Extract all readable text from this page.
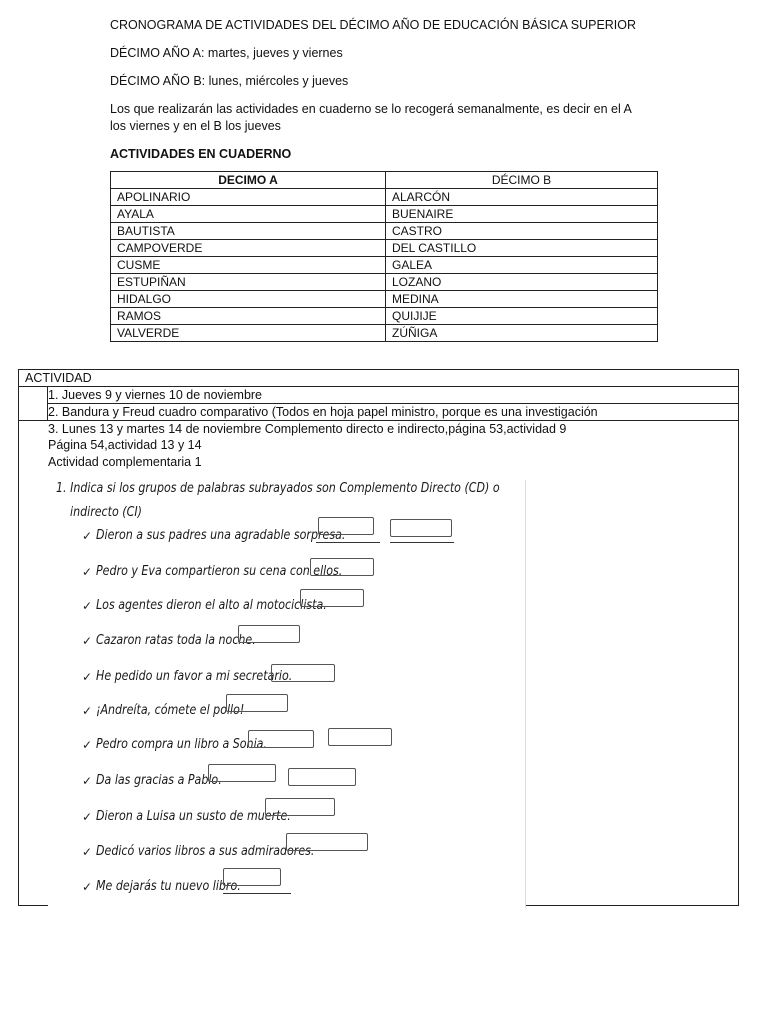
CRONOGRAMA DE ACTIVIDADES DEL DÉCIMO AÑO DE EDUCACIÓN BÁSICA SUPERIOR
DÉCIMO AÑO A: martes, jueves y viernes
DÉCIMO AÑO B: lunes, miércoles y jueves
Los que realizarán las actividades en cuaderno se lo recogerá semanalmente, es decir en el A
los viernes y en el B los jueves
ACTIVIDADES EN CUADERNO
DECIMO A	DÉCIMO B
APOLINARIO	ALARCÓN
AYALA	BUENAIRE
BAUTISTA	CASTRO
CAMPOVERDE	DEL CASTILLO
CUSME	GALEA
ESTUPIÑAN	LOZANO
HIDALGO	MEDINA
RAMOS	QUIJIJE
VALVERDE	ZÚÑIGA
ACTIVIDAD
1. Jueves 9 y viernes 10 de noviembre
2. Bandura y Freud cuadro comparativo (Todos en hoja papel ministro, porque es una investigación
3. Lunes 13 y martes 14 de noviembre Complemento directo e indirecto,página 53,actividad 9
Página 54,actividad 13 y 14
Actividad complementaria 1
1. Indica si los grupos de palabras subrayados son Complemento Directo (CD) o
indirecto (CI)
✓ Dieron a sus padres una agradable sorpresa.
✓ Pedro y Eva compartieron su cena con ellos.
✓ Los agentes dieron el alto al motociclista.
✓ Cazaron ratas toda la noche.
✓ He pedido un favor a mi secretario.
✓ ¡Andreíta, cómete el pollo!
✓ Pedro compra un libro a Sonia.
✓ Da las gracias a Pablo.
✓ Dieron a Luisa un susto de muerte.
✓ Dedicó varios libros a sus admiradores.
✓ Me dejarás tu nuevo libro.
